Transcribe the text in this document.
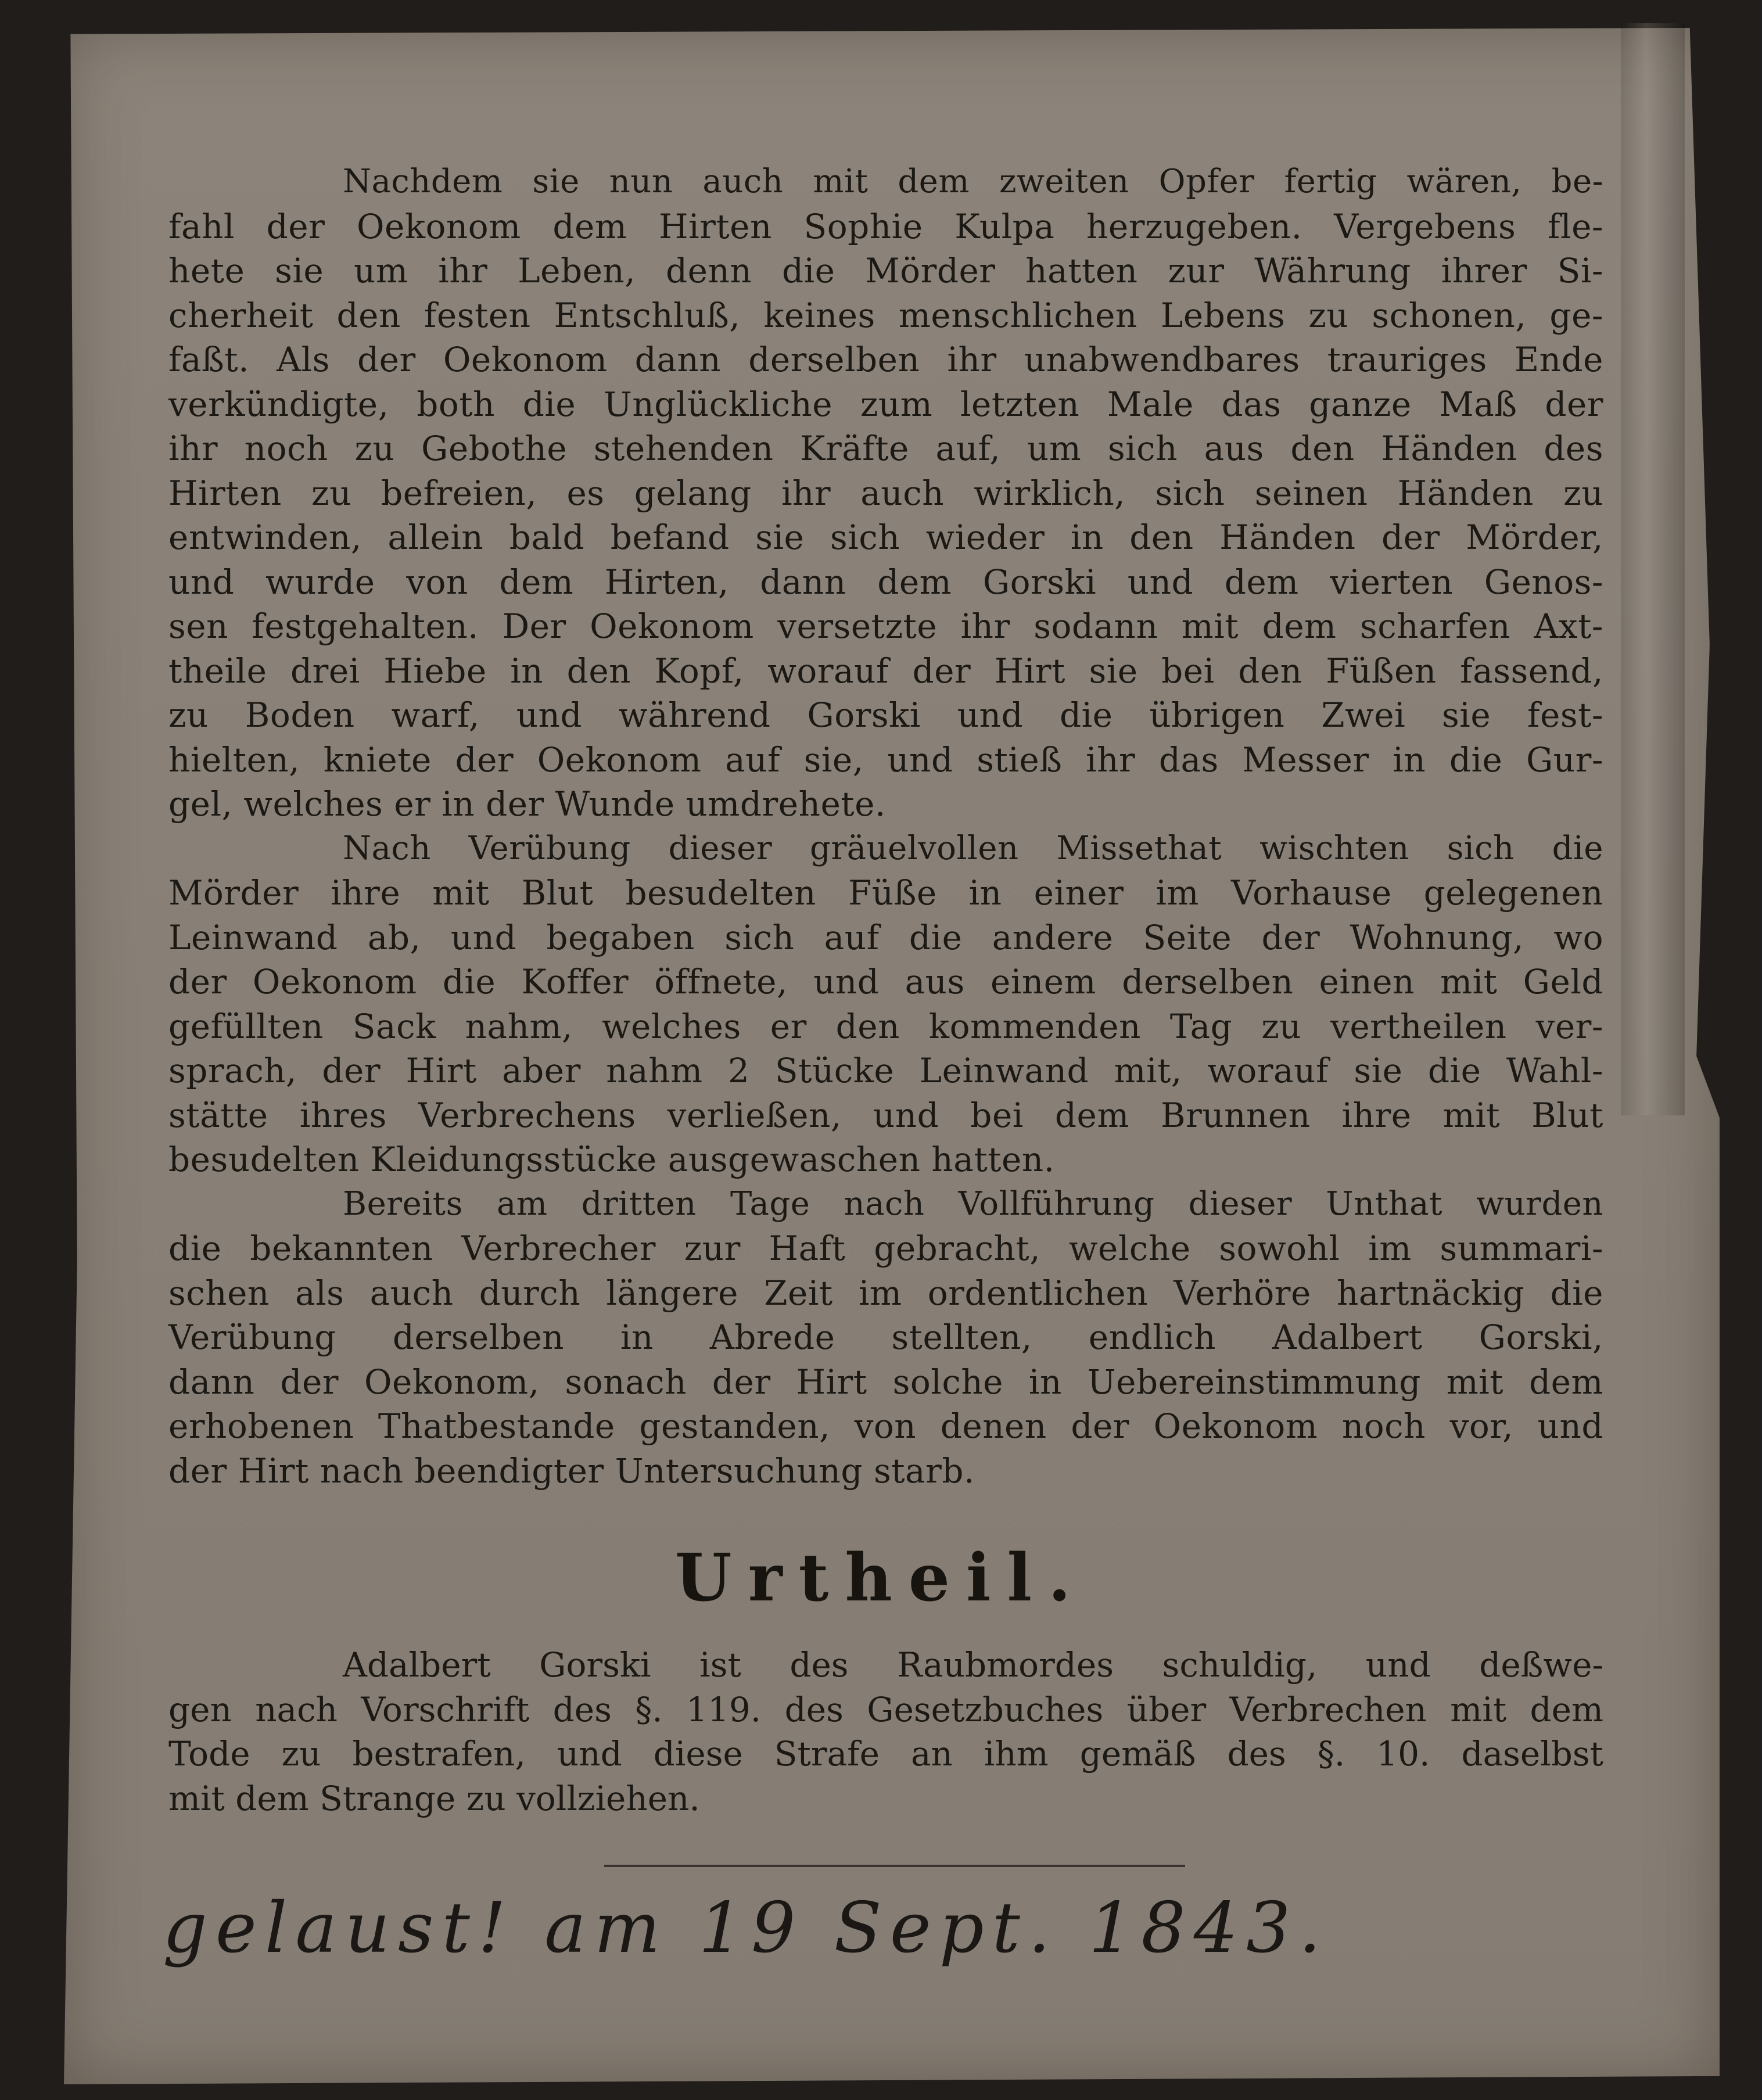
Nachdem sie nun auch mit dem zweiten Opfer fertig wären, be-

fahl der Oekonom dem Hirten Sophie Kulpa herzugeben. Vergebens fle-

hete sie um ihr Leben, denn die Mörder hatten zur Währung ihrer Si-

cherheit den festen Entschluß, keines menschlichen Lebens zu schonen, ge-

faßt. Als der Oekonom dann derselben ihr unabwendbares trauriges Ende

verkündigte, both die Unglückliche zum letzten Male das ganze Maß der

ihr noch zu Gebothe stehenden Kräfte auf, um sich aus den Händen des

Hirten zu befreien, es gelang ihr auch wirklich, sich seinen Händen zu

entwinden, allein bald befand sie sich wieder in den Händen der Mörder,

und wurde von dem Hirten, dann dem Gorski und dem vierten Genos-

sen festgehalten. Der Oekonom versetzte ihr sodann mit dem scharfen Axt-

theile drei Hiebe in den Kopf, worauf der Hirt sie bei den Füßen fassend,

zu Boden warf, und während Gorski und die übrigen Zwei sie fest-

hielten, kniete der Oekonom auf sie, und stieß ihr das Messer in die Gur-

gel, welches er in der Wunde umdrehete.

Nach Verübung dieser gräuelvollen Missethat wischten sich die

Mörder ihre mit Blut besudelten Füße in einer im Vorhause gelegenen

Leinwand ab, und begaben sich auf die andere Seite der Wohnung, wo

der Oekonom die Koffer öffnete, und aus einem derselben einen mit Geld

gefüllten Sack nahm, welches er den kommenden Tag zu vertheilen ver-

sprach, der Hirt aber nahm 2 Stücke Leinwand mit, worauf sie die Wahl-

stätte ihres Verbrechens verließen, und bei dem Brunnen ihre mit Blut

besudelten Kleidungsstücke ausgewaschen hatten.

Bereits am dritten Tage nach Vollführung dieser Unthat wurden

die bekannten Verbrecher zur Haft gebracht, welche sowohl im summari-

schen als auch durch längere Zeit im ordentlichen Verhöre hartnäckig die

Verübung derselben in Abrede stellten, endlich Adalbert Gorski,

dann der Oekonom, sonach der Hirt solche in Uebereinstimmung mit dem

erhobenen Thatbestande gestanden, von denen der Oekonom noch vor, und

der Hirt nach beendigter Untersuchung starb.

Urtheil.

Adalbert Gorski ist des Raubmordes schuldig, und deßwe-

gen nach Vorschrift des §. 119. des Gesetzbuches über Verbrechen mit dem

Tode zu bestrafen, und diese Strafe an ihm gemäß des §. 10. daselbst

mit dem Strange zu vollziehen.

gelaust! am 19 Sept. 1843.
